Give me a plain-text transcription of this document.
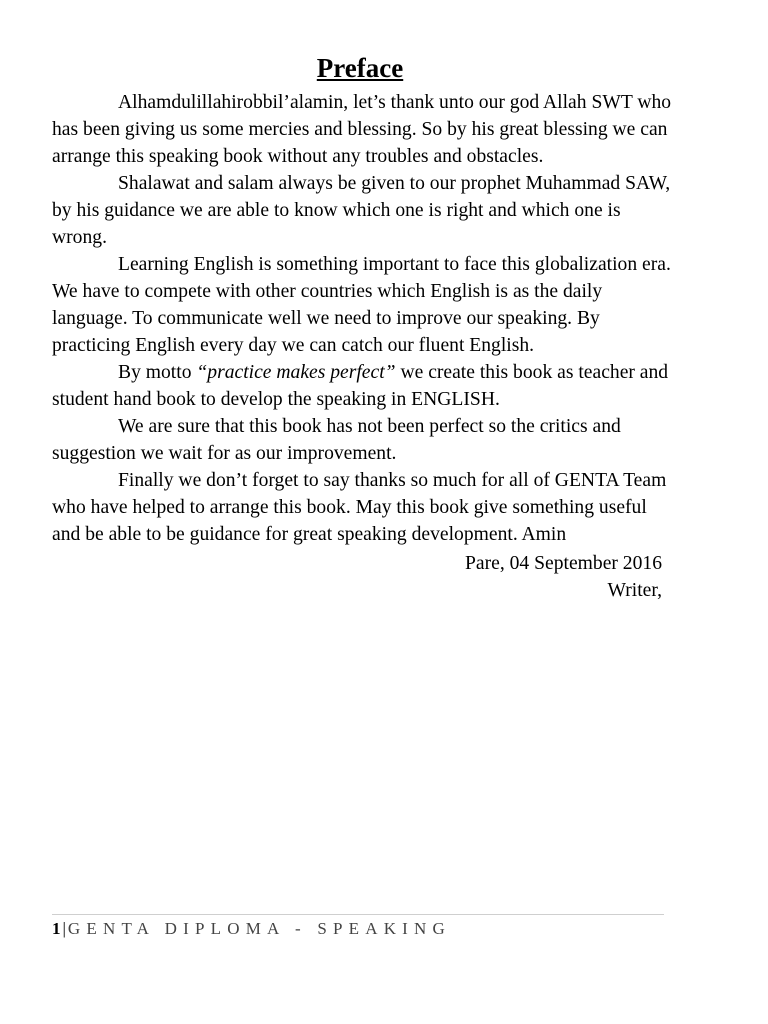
Preface

Alhamdulillahirobbil’alamin, let’s thank unto our god Allah SWT who has been giving us some mercies and blessing. So by his great blessing we can arrange this speaking book without any troubles and obstacles.

Shalawat and salam always be given to our prophet Muhammad SAW, by his guidance we are able to know which one is right and which one is wrong.

Learning English is something important to face this globalization era. We have to compete with other countries which English is as the daily language. To communicate well we need to improve our speaking. By practicing English every day we can catch our fluent English.

By motto “practice makes perfect” we create this book as teacher and student hand book to develop the speaking in ENGLISH.

We are sure that this book has not been perfect so the critics and suggestion we wait for as our improvement.

Finally we don’t forget to say thanks so much for all of GENTA Team who have helped to arrange this book. May this book give something useful and be able to be guidance for great speaking development. Amin

Pare, 04 September 2016

Writer,

1 | GENTA DIPLOMA - SPEAKING
